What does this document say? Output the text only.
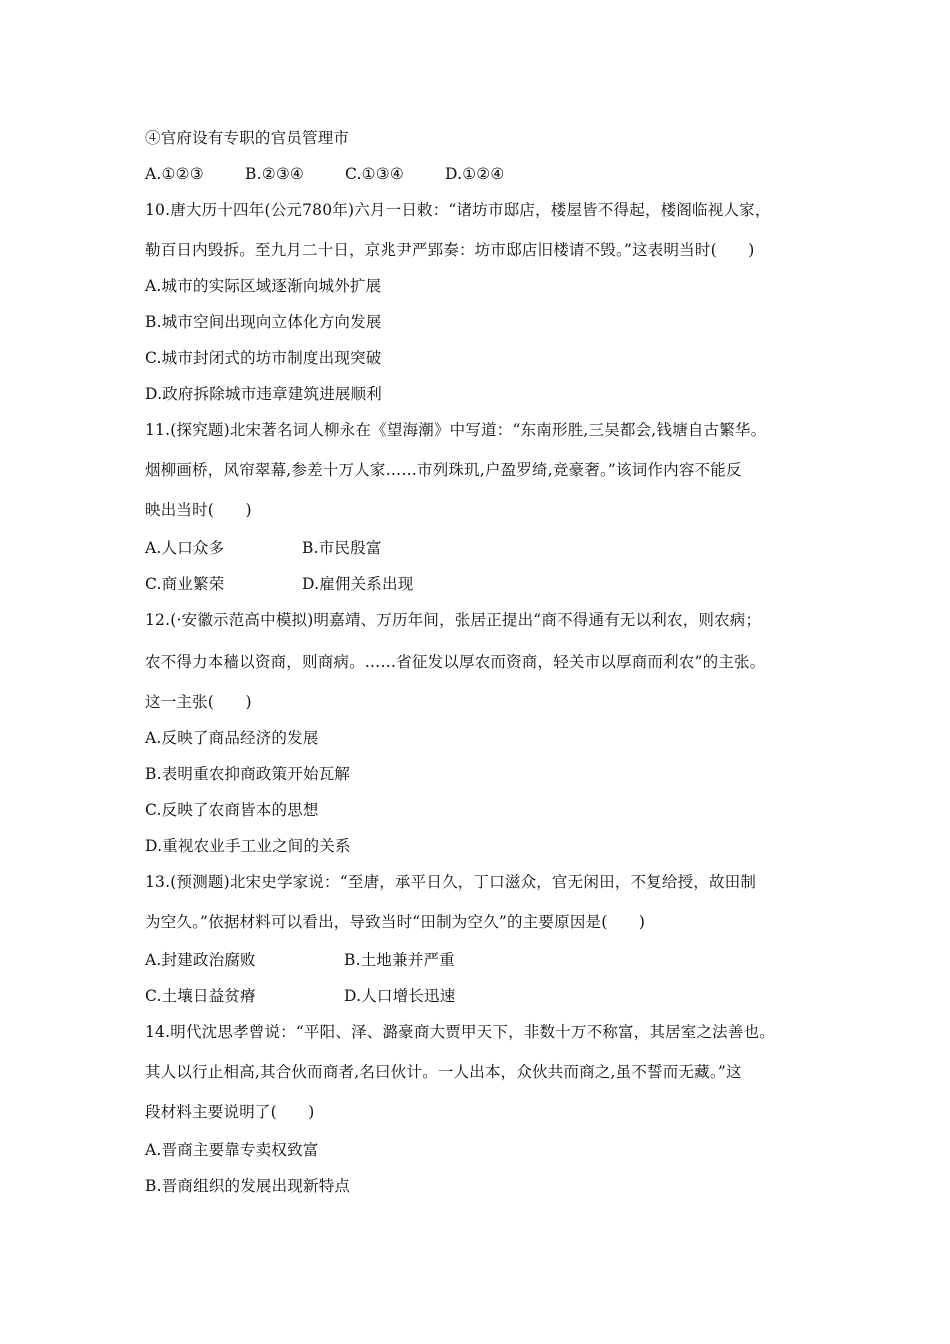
④官府设有专职的官员管理市
A.①②③	B.②③④	C.①③④	D.①②④
10.唐大历十四年(公元780年)六月一日敕：“诸坊市邸店，楼屋皆不得起，楼阁临视人家，
勒百日内毁拆。至九月二十日，京兆尹严郢奏：坊市邸店旧楼请不毁。”这表明当时(　　)
A.城市的实际区域逐渐向城外扩展
B.城市空间出现向立体化方向发展
C.城市封闭式的坊市制度出现突破
D.政府拆除城市违章建筑进展顺利
11.(探究题)北宋著名词人柳永在《望海潮》中写道：“东南形胜,三吴都会,钱塘自古繁华。
烟柳画桥，风帘翠幕,参差十万人家……市列珠玑,户盈罗绮,竞豪奢。”该词作内容不能反
映出当时(　　)
A.人口众多	B.市民殷富
C.商业繁荣	D.雇佣关系出现
12.(·安徽示范高中模拟)明嘉靖、万历年间，张居正提出“商不得通有无以利农，则农病；
农不得力本穑以资商，则商病。……省征发以厚农而资商，轻关市以厚商而利农”的主张。
这一主张(　　)
A.反映了商品经济的发展
B.表明重农抑商政策开始瓦解
C.反映了农商皆本的思想
D.重视农业手工业之间的关系
13.(预测题)北宋史学家说：“至唐，承平日久，丁口滋众，官无闲田，不复给授，故田制
为空久。”依据材料可以看出，导致当时“田制为空久”的主要原因是(　　)
A.封建政治腐败	B.土地兼并严重
C.土壤日益贫瘠	D.人口增长迅速
14.明代沈思孝曾说：“平阳、泽、潞豪商大贾甲天下，非数十万不称富，其居室之法善也。
其人以行止相高,其合伙而商者,名曰伙计。一人出本，众伙共而商之,虽不誓而无藏。”这
段材料主要说明了(　　)
A.晋商主要靠专卖权致富
B.晋商组织的发展出现新特点
